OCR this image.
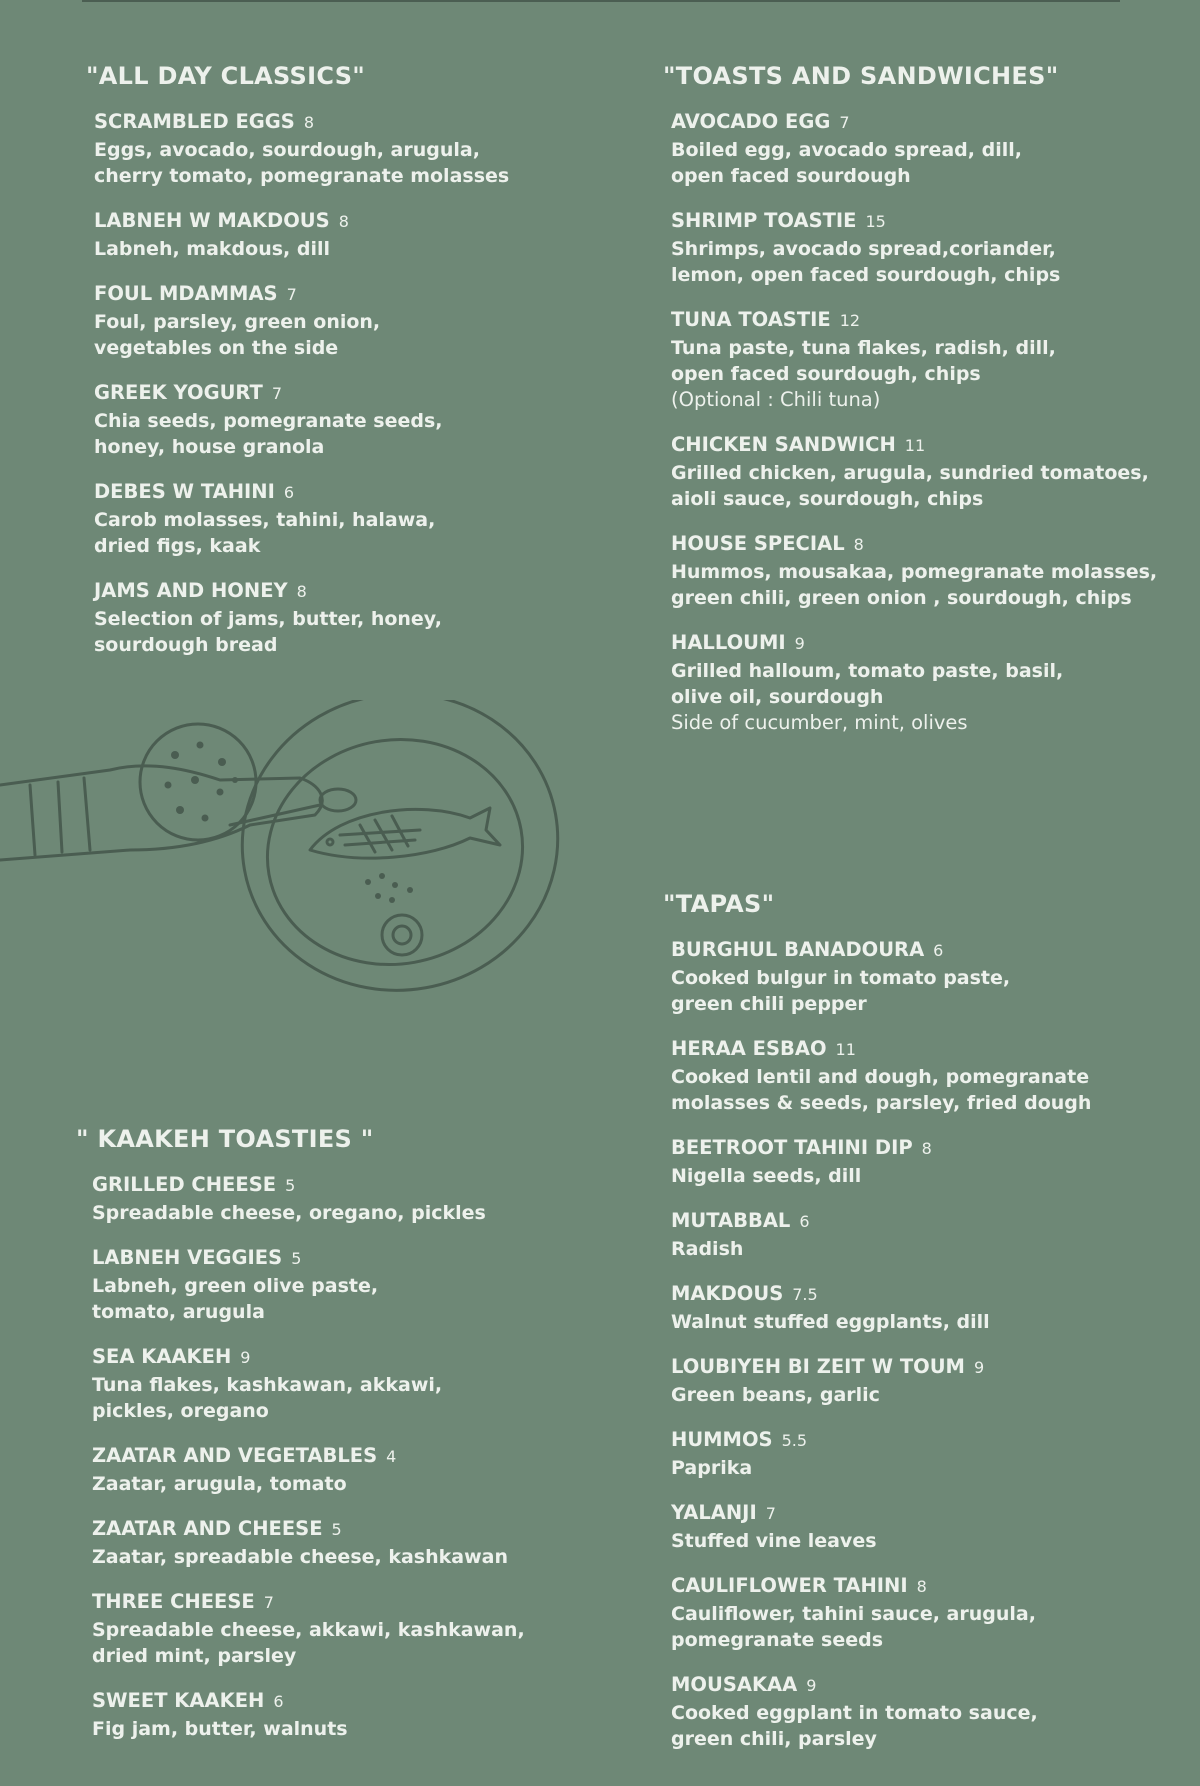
"ALL DAY CLASSICS"
SCRAMBLED EGGS 8
Eggs, avocado, sourdough, arugula,
cherry tomato, pomegranate molasses
LABNEH W MAKDOUS 8
Labneh, makdous, dill
FOUL MDAMMAS 7
Foul, parsley, green onion,
vegetables on the side
GREEK YOGURT 7
Chia seeds, pomegranate seeds,
honey, house granola
DEBES W TAHINI 6
Carob molasses, tahini, halawa,
dried figs, kaak
JAMS AND HONEY 8
Selection of jams, butter, honey,
sourdough bread
"TOASTS AND SANDWICHES"
AVOCADO EGG 7
Boiled egg, avocado spread, dill,
open faced sourdough
SHRIMP TOASTIE 15
Shrimps, avocado spread,coriander,
lemon, open faced sourdough, chips
TUNA TOASTIE 12
Tuna paste, tuna flakes, radish, dill,
open faced sourdough, chips
(Optional : Chili tuna)
CHICKEN SANDWICH 11
Grilled chicken, arugula, sundried tomatoes,
aioli sauce, sourdough, chips
HOUSE SPECIAL 8
Hummos, mousakaa, pomegranate molasses,
green chili, green onion , sourdough, chips
HALLOUMI 9
Grilled halloum, tomato paste, basil,
olive oil, sourdough
Side of cucumber, mint, olives
"TAPAS"
BURGHUL BANADOURA 6
Cooked bulgur in tomato paste,
green chili pepper
HERAA ESBAO 11
Cooked lentil and dough, pomegranate
molasses & seeds, parsley, fried dough
BEETROOT TAHINI DIP 8
Nigella seeds, dill
MUTABBAL 6
Radish
MAKDOUS 7.5
Walnut stuffed eggplants, dill
LOUBIYEH BI ZEIT W TOUM 9
Green beans, garlic
HUMMOS 5.5
Paprika
YALANJI 7
Stuffed vine leaves
CAULIFLOWER TAHINI 8
Cauliflower, tahini sauce, arugula,
pomegranate seeds
MOUSAKAA 9
Cooked eggplant in tomato sauce,
green chili, parsley
" KAAKEH TOASTIES "
GRILLED CHEESE 5
Spreadable cheese, oregano, pickles
LABNEH VEGGIES 5
Labneh, green olive paste,
tomato, arugula
SEA KAAKEH 9
Tuna flakes, kashkawan, akkawi,
pickles, oregano
ZAATAR AND VEGETABLES 4
Zaatar, arugula, tomato
ZAATAR AND CHEESE 5
Zaatar, spreadable cheese, kashkawan
THREE CHEESE 7
Spreadable cheese, akkawi, kashkawan,
dried mint, parsley
SWEET KAAKEH 6
Fig jam, butter, walnuts
